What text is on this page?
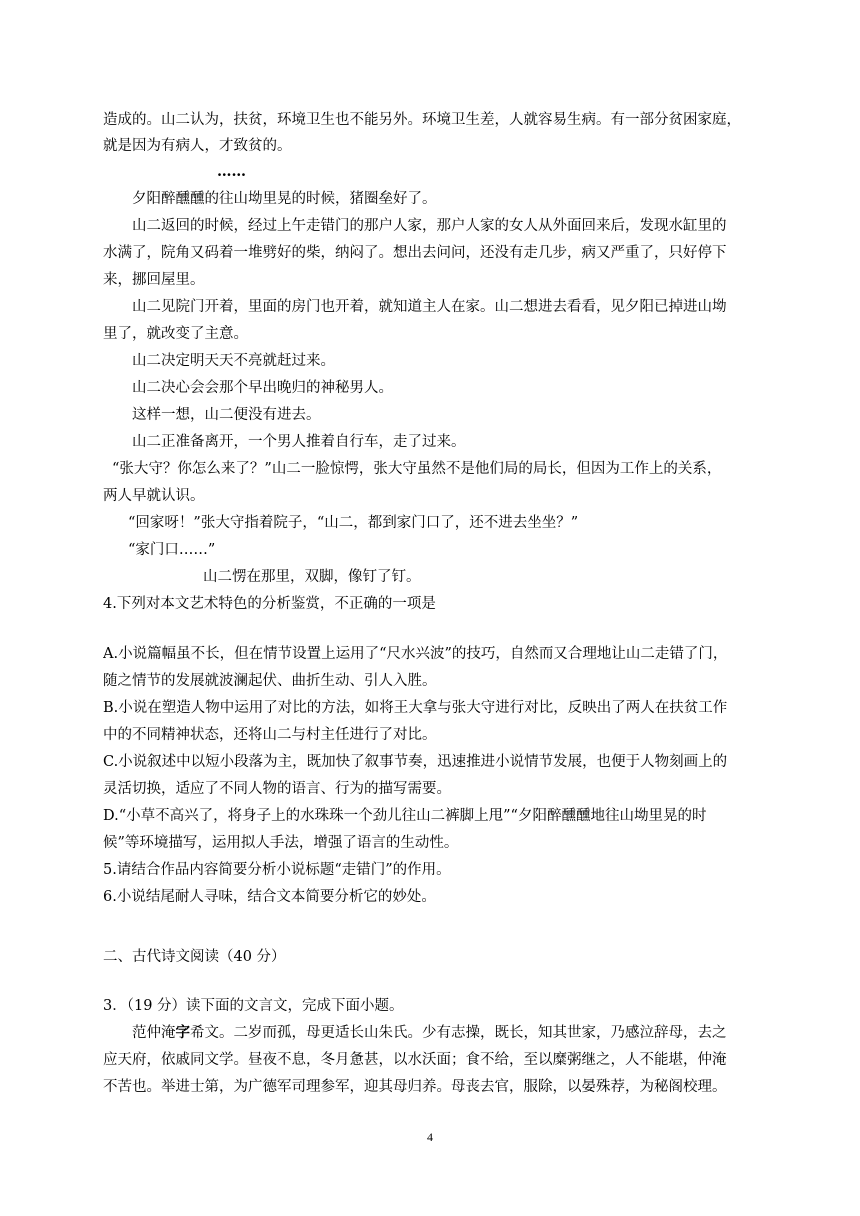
造成的。山二认为，扶贫，环境卫生也不能另外。环境卫生差，人就容易生病。有一部分贫困家庭，
就是因为有病人，才致贫的。
……
夕阳醉醺醺的往山坳里晃的时候，猪圈垒好了。
山二返回的时候，经过上午走错门的那户人家，那户人家的女人从外面回来后，发现水缸里的
水满了，院角又码着一堆劈好的柴，纳闷了。想出去问问，还没有走几步，病又严重了，只好停下
来，挪回屋里。
山二见院门开着，里面的房门也开着，就知道主人在家。山二想进去看看，见夕阳已掉进山坳
里了，就改变了主意。
山二决定明天天不亮就赶过来。
山二决心会会那个早出晚归的神秘男人。
这样一想，山二便没有进去。
山二正准备离开，一个男人推着自行车，走了过来。
“张大守？你怎么来了？”山二一脸惊愕，张大守虽然不是他们局的局长，但因为工作上的关系，
两人早就认识。
“回家呀！”张大守指着院子，“山二，都到家门口了，还不进去坐坐？”
“家门口……”
山二愣在那里，双脚，像钉了钉。
4.下列对本文艺术特色的分析鉴赏，不正确的一项是
A.小说篇幅虽不长，但在情节设置上运用了“尺水兴波”的技巧，自然而又合理地让山二走错了门，
随之情节的发展就波澜起伏、曲折生动、引人入胜。
B.小说在塑造人物中运用了对比的方法，如将王大拿与张大守进行对比，反映出了两人在扶贫工作
中的不同精神状态，还将山二与村主任进行了对比。
C.小说叙述中以短小段落为主，既加快了叙事节奏，迅速推进小说情节发展，也便于人物刻画上的
灵活切换，适应了不同人物的语言、行为的描写需要。
D.“小草不高兴了，将身子上的水珠珠一个劲儿往山二裤脚上甩”“夕阳醉醺醺地往山坳里晃的时
候”等环境描写，运用拟人手法，增强了语言的生动性。
5.请结合作品内容简要分析小说标题“走错门”的作用。
6.小说结尾耐人寻味，结合文本简要分析它的妙处。
二、古代诗文阅读（40 分）
3．（19 分）读下面的文言文，完成下面小题。
范仲淹字希文。二岁而孤，母更适长山朱氏。少有志操，既长，知其世家，乃感泣辞母，去之
应天府，依戚同文学。昼夜不息，冬月惫甚，以水沃面；食不给，至以糜粥继之，人不能堪，仲淹
不苦也。举进士第，为广德军司理参军，迎其母归养。母丧去官，服除，以晏殊荐，为秘阁校理。
4
